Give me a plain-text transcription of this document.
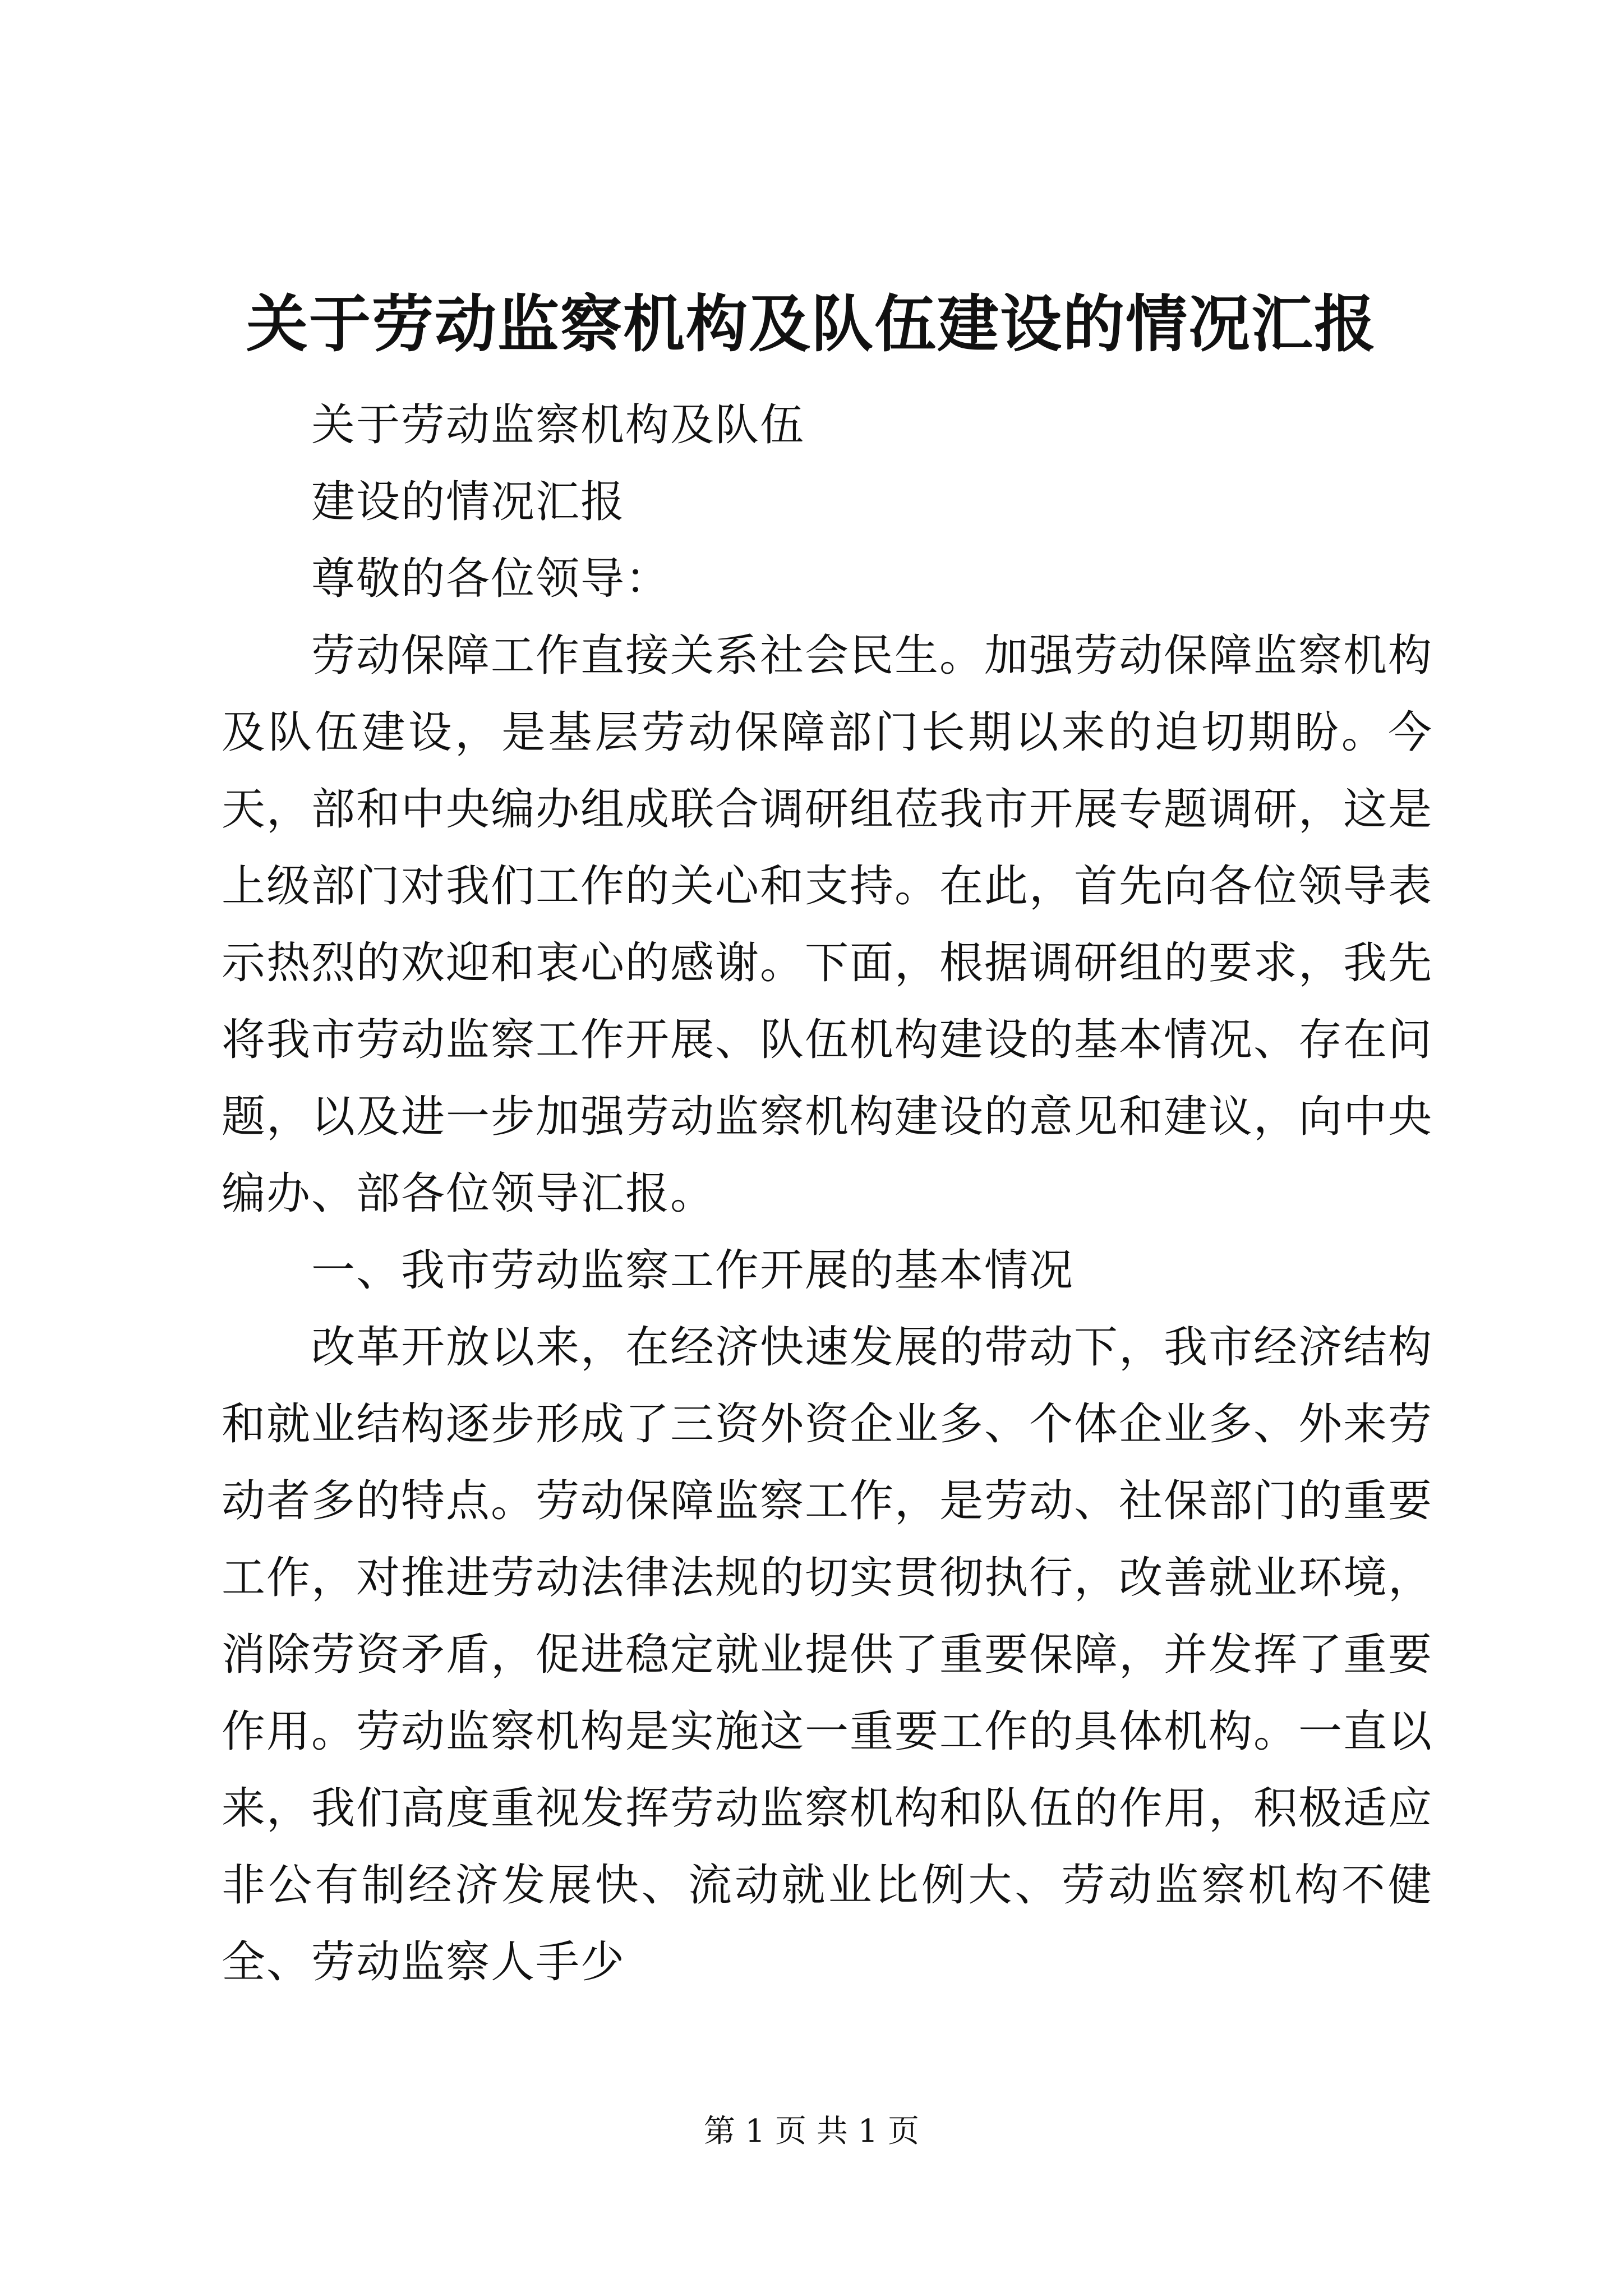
关于劳动监察机构及队伍建设的情况汇报

关于劳动监察机构及队伍

建设的情况汇报

尊敬的各位领导：

劳动保障工作直接关系社会民生。加强劳动保障监察机构及队伍建设，是基层劳动保障部门长期以来的迫切期盼。今天，部和中央编办组成联合调研组莅我市开展专题调研，这是上级部门对我们工作的关心和支持。在此，首先向各位领导表示热烈的欢迎和衷心的感谢。下面，根据调研组的要求，我先将我市劳动监察工作开展、队伍机构建设的基本情况、存在问题，以及进一步加强劳动监察机构建设的意见和建议，向中央编办、部各位领导汇报。

一、我市劳动监察工作开展的基本情况

改革开放以来，在经济快速发展的带动下，我市经济结构和就业结构逐步形成了三资外资企业多、个体企业多、外来劳动者多的特点。劳动保障监察工作，是劳动、社保部门的重要工作，对推进劳动法律法规的切实贯彻执行，改善就业环境，消除劳资矛盾，促进稳定就业提供了重要保障，并发挥了重要作用。劳动监察机构是实施这一重要工作的具体机构。一直以来，我们高度重视发挥劳动监察机构和队伍的作用，积极适应非公有制经济发展快、流动就业比例大、劳动监察机构不健全、劳动监察人手少

第 1 页 共 1 页
